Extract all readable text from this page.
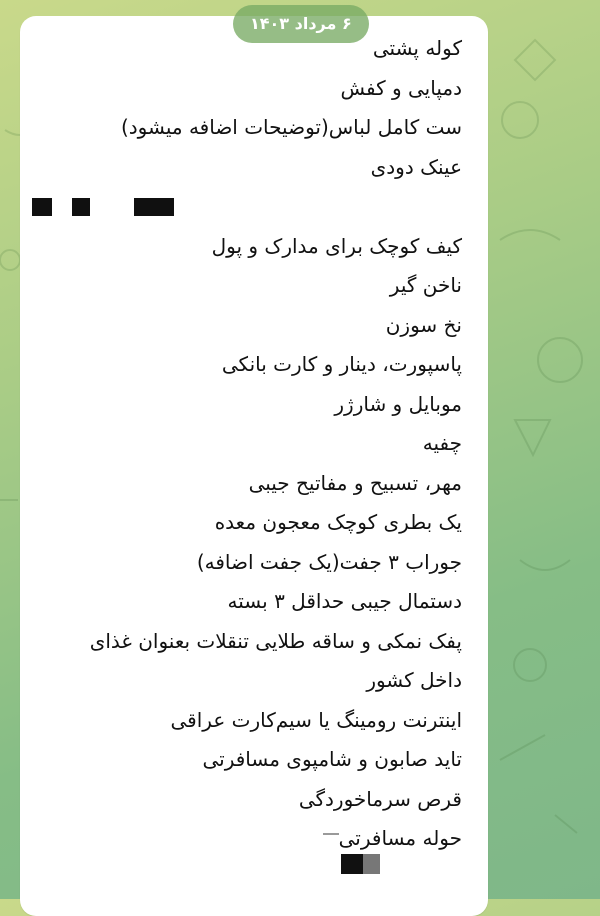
۶ مرداد ۱۴۰۳
کوله پشتی
دمپایی و کفش
ست کامل لباس(توضیحات اضافه میشود)
عینک دودی
کیف کوچک برای مدارک و پول
ناخن گیر
نخ سوزن
پاسپورت، دینار و کارت بانکی
موبایل و شارژر
چفیه
مهر، تسبیح و مفاتیح جیبی
یک بطری کوچک معجون معده
جوراب ۳ جفت(یک جفت اضافه)
دستمال جیبی حداقل ۳ بسته
پفک نمکی و ساقه طلایی تنقلات بعنوان غذای
داخل کشور
اینترنت رومینگ یا سیم‌کارت عراقی
تاید صابون و شامپوی مسافرتی
قرص سرماخوردگی
حوله مسافرتی
